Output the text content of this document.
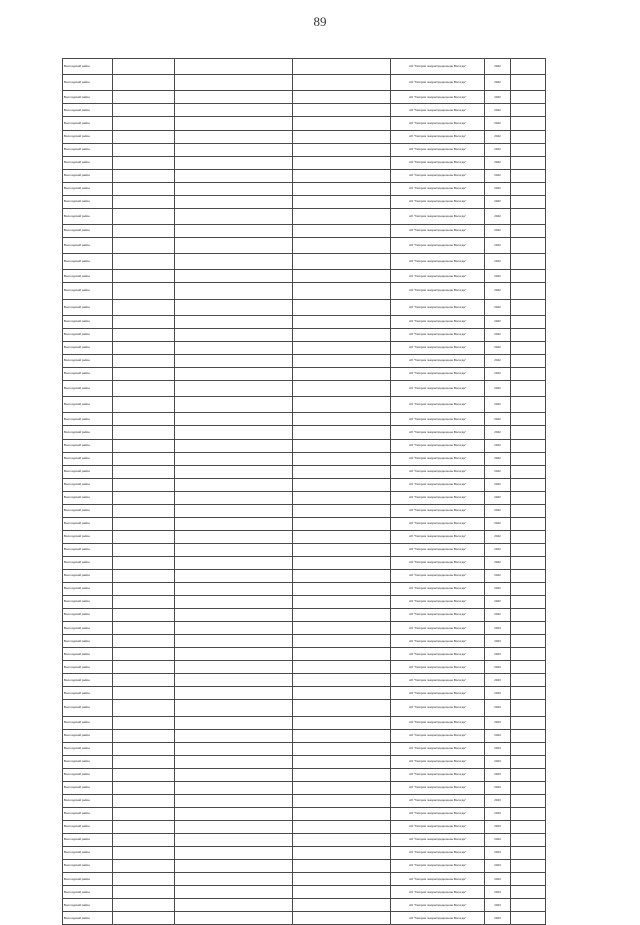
89
Вологодский район				АО "Газпром газораспределение Вологда"	2022	
Вологодский район				АО "Газпром газораспределение Вологда"	2022	
Вологодский район				АО "Газпром газораспределение Вологда"	2022	
Вологодский район				АО "Газпром газораспределение Вологда"	2022	
Вологодский район				АО "Газпром газораспределение Вологда"	2022	
Вологодский район				АО "Газпром газораспределение Вологда"	2022	
Вологодский район				АО "Газпром газораспределение Вологда"	2022	
Вологодский район				АО "Газпром газораспределение Вологда"	2022	
Вологодский район				АО "Газпром газораспределение Вологда"	2022	
Вологодский район				АО "Газпром газораспределение Вологда"	2022	
Вологодский район				АО "Газпром газораспределение Вологда"	2022	
Вологодский район				АО "Газпром газораспределение Вологда"	2022	
Вологодский район				АО "Газпром газораспределение Вологда"	2022	
Вологодский район				АО "Газпром газораспределение Вологда"	2022	
Вологодский район				АО "Газпром газораспределение Вологда"	2022	
Вологодский район				АО "Газпром газораспределение Вологда"	2022	
Вологодский район				АО "Газпром газораспределение Вологда"	2022	
Вологодский район				АО "Газпром газораспределение Вологда"	2022	
Вологодский район				АО "Газпром газораспределение Вологда"	2022	
Вологодский район				АО "Газпром газораспределение Вологда"	2022	
Вологодский район				АО "Газпром газораспределение Вологда"	2022	
Вологодский район				АО "Газпром газораспределение Вологда"	2022	
Вологодский район				АО "Газпром газораспределение Вологда"	2022	
Вологодский район				АО "Газпром газораспределение Вологда"	2022	
Вологодский район				АО "Газпром газораспределение Вологда"	2022	
Вологодский район				АО "Газпром газораспределение Вологда"	2022	
Вологодский район				АО "Газпром газораспределение Вологда"	2022	
Вологодский район				АО "Газпром газораспределение Вологда"	2022	
Вологодский район				АО "Газпром газораспределение Вологда"	2022	
Вологодский район				АО "Газпром газораспределение Вологда"	2022	
Вологодский район				АО "Газпром газораспределение Вологда"	2022	
Вологодский район				АО "Газпром газораспределение Вологда"	2022	
Вологодский район				АО "Газпром газораспределение Вологда"	2022	
Вологодский район				АО "Газпром газораспределение Вологда"	2022	
Вологодский район				АО "Газпром газораспределение Вологда"	2022	
Вологодский район				АО "Газпром газораспределение Вологда"	2022	
Вологодский район				АО "Газпром газораспределение Вологда"	2022	
Вологодский район				АО "Газпром газораспределение Вологда"	2022	
Вологодский район				АО "Газпром газораспределение Вологда"	2022	
Вологодский район				АО "Газпром газораспределение Вологда"	2022	
Вологодский район				АО "Газпром газораспределение Вологда"	2022	
Вологодский район				АО "Газпром газораспределение Вологда"	2023	
Вологодский район				АО "Газпром газораспределение Вологда"	2023	
Вологодский район				АО "Газпром газораспределение Вологда"	2023	
Вологодский район				АО "Газпром газораспределение Вологда"	2023	
Вологодский район				АО "Газпром газораспределение Вологда"	2023	
Вологодский район				АО "Газпром газораспределение Вологда"	2023	
Вологодский район				АО "Газпром газораспределение Вологда"	2023	
Вологодский район				АО "Газпром газораспределение Вологда"	2023	
Вологодский район				АО "Газпром газораспределение Вологда"	2023	
Вологодский район				АО "Газпром газораспределение Вологда"	2023	
Вологодский район				АО "Газпром газораспределение Вологда"	2023	
Вологодский район				АО "Газпром газораспределение Вологда"	2023	
Вологодский район				АО "Газпром газораспределение Вологда"	2023	
Вологодский район				АО "Газпром газораспределение Вологда"	2023	
Вологодский район				АО "Газпром газораспределение Вологда"	2023	
Вологодский район				АО "Газпром газораспределение Вологда"	2023	
Вологодский район				АО "Газпром газораспределение Вологда"	2023	
Вологодский район				АО "Газпром газораспределение Вологда"	2023	
Вологодский район				АО "Газпром газораспределение Вологда"	2023	
Вологодский район				АО "Газпром газораспределение Вологда"	2023	
Вологодский район				АО "Газпром газораспределение Вологда"	2023	
Вологодский район				АО "Газпром газораспределение Вологда"	2023	
Вологодский район				АО "Газпром газораспределение Вологда"	2023	
